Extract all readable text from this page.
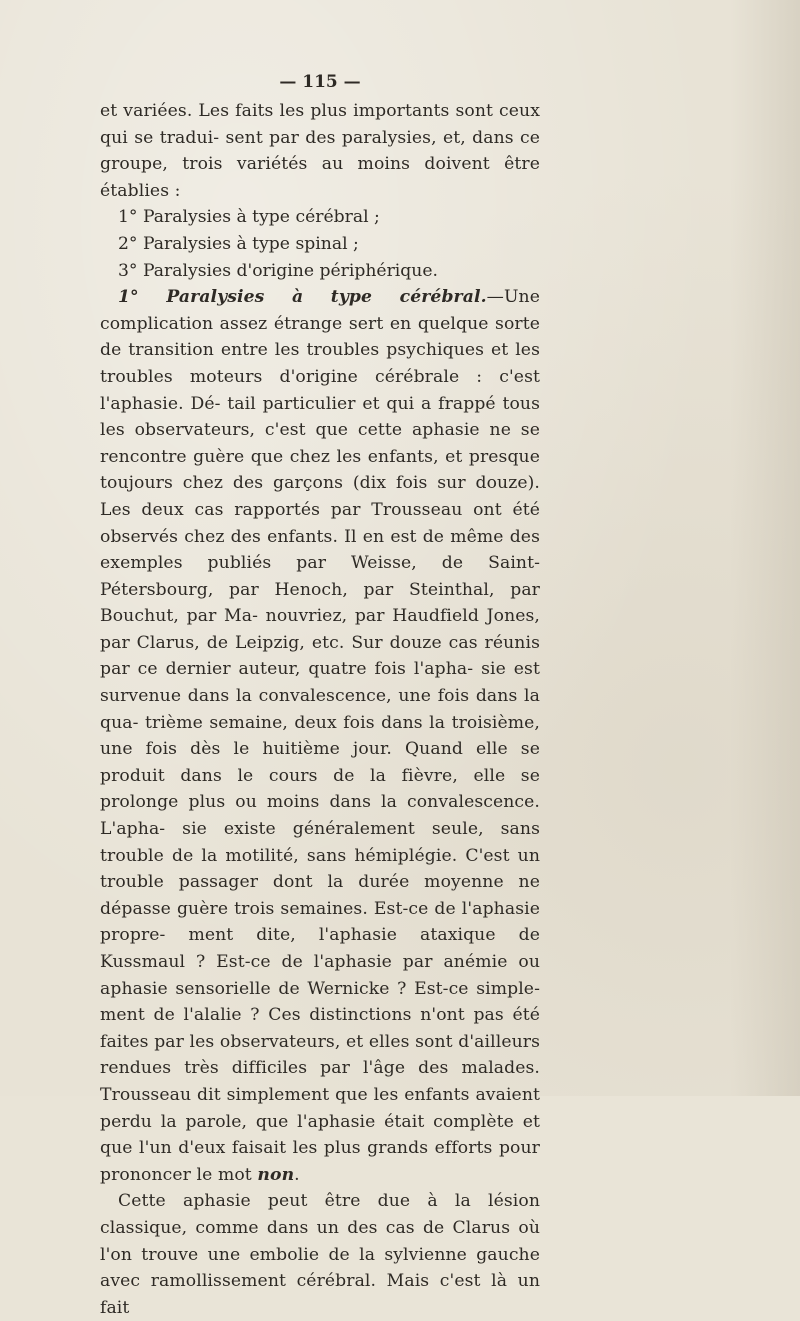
— 115 —

et variées. Les faits les plus importants sont ceux qui se tradui- sent par des paralysies, et, dans ce groupe, trois variétés au moins doivent être établies :

1° Paralysies à type cérébral ;

2° Paralysies à type spinal ;

3° Paralysies d'origine périphérique.

1° Paralysies à type cérébral.—Une complication assez étrange sert en quelque sorte de transition entre les troubles psychiques et les troubles moteurs d'origine cérébrale : c'est l'aphasie. Dé- tail particulier et qui a frappé tous les observateurs, c'est que cette aphasie ne se rencontre guère que chez les enfants, et presque toujours chez des garçons (dix fois sur douze). Les deux cas rapportés par Trousseau ont été observés chez des enfants. Il en est de même des exemples publiés par Weisse, de Saint- Pétersbourg, par Henoch, par Steinthal, par Bouchut, par Ma- nouvriez, par Haudfield Jones, par Clarus, de Leipzig, etc. Sur douze cas réunis par ce dernier auteur, quatre fois l'apha- sie est survenue dans la convalescence, une fois dans la qua- trième semaine, deux fois dans la troisième, une fois dès le huitième jour. Quand elle se produit dans le cours de la fièvre, elle se prolonge plus ou moins dans la convalescence. L'apha- sie existe généralement seule, sans trouble de la motilité, sans hémiplégie. C'est un trouble passager dont la durée moyenne ne dépasse guère trois semaines. Est-ce de l'aphasie propre- ment dite, l'aphasie ataxique de Kussmaul ? Est-ce de l'aphasie par anémie ou aphasie sensorielle de Wernicke ? Est-ce simple- ment de l'alalie ? Ces distinctions n'ont pas été faites par les observateurs, et elles sont d'ailleurs rendues très difficiles par l'âge des malades. Trousseau dit simplement que les enfants avaient perdu la parole, que l'aphasie était complète et que l'un d'eux faisait les plus grands efforts pour prononcer le mot non.

Cette aphasie peut être due à la lésion classique, comme dans un des cas de Clarus où l'on trouve une embolie de la sylvienne gauche avec ramollissement cérébral. Mais c'est là un fait
